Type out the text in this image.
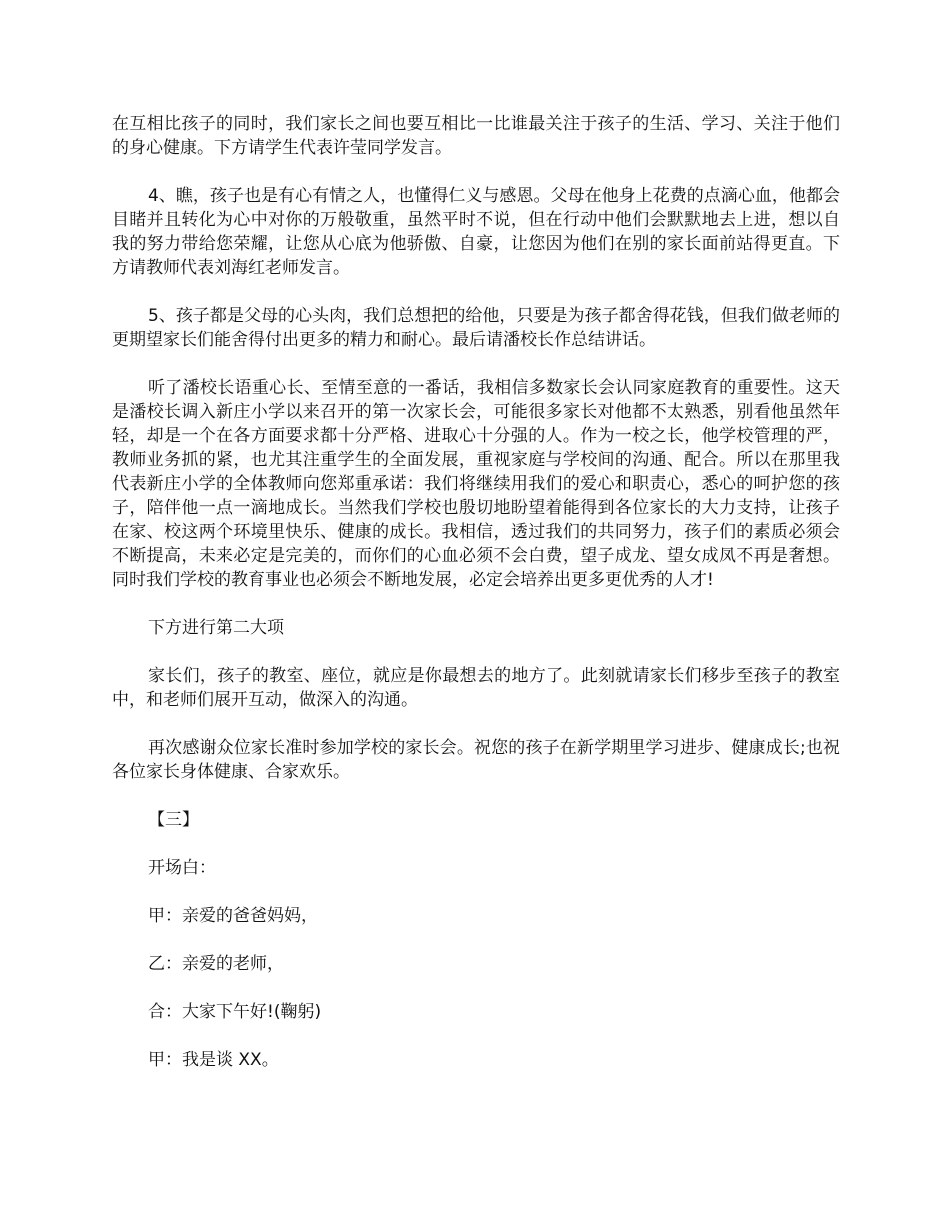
在互相比孩子的同时，我们家长之间也要互相比一比谁最关注于孩子的生活、学习、关注于他们的身心健康。下方请学生代表许莹同学发言。

4、瞧，孩子也是有心有情之人，也懂得仁义与感恩。父母在他身上花费的点滴心血，他都会目睹并且转化为心中对你的万般敬重，虽然平时不说，但在行动中他们会默默地去上进，想以自我的努力带给您荣耀，让您从心底为他骄傲、自豪，让您因为他们在别的家长面前站得更直。下方请教师代表刘海红老师发言。

5、孩子都是父母的心头肉，我们总想把的给他，只要是为孩子都舍得花钱，但我们做老师的更期望家长们能舍得付出更多的精力和耐心。最后请潘校长作总结讲话。

听了潘校长语重心长、至情至意的一番话，我相信多数家长会认同家庭教育的重要性。这天是潘校长调入新庄小学以来召开的第一次家长会，可能很多家长对他都不太熟悉，别看他虽然年轻，却是一个在各方面要求都十分严格、进取心十分强的人。作为一校之长，他学校管理的严，教师业务抓的紧，也尤其注重学生的全面发展，重视家庭与学校间的沟通、配合。所以在那里我代表新庄小学的全体教师向您郑重承诺：我们将继续用我们的爱心和职责心，悉心的呵护您的孩子，陪伴他一点一滴地成长。当然我们学校也殷切地盼望着能得到各位家长的大力支持，让孩子在家、校这两个环境里快乐、健康的成长。我相信，透过我们的共同努力，孩子们的素质必须会不断提高，未来必定是完美的，而你们的心血必须不会白费，望子成龙、望女成凤不再是奢想。同时我们学校的教育事业也必须会不断地发展，必定会培养出更多更优秀的人才!

下方进行第二大项

家长们，孩子的教室、座位，就应是你最想去的地方了。此刻就请家长们移步至孩子的教室中，和老师们展开互动，做深入的沟通。

再次感谢众位家长准时参加学校的家长会。祝您的孩子在新学期里学习进步、健康成长;也祝各位家长身体健康、合家欢乐。

【三】

开场白：

甲：亲爱的爸爸妈妈，

乙：亲爱的老师，

合：大家下午好!(鞠躬)

甲：我是谈 XX。
